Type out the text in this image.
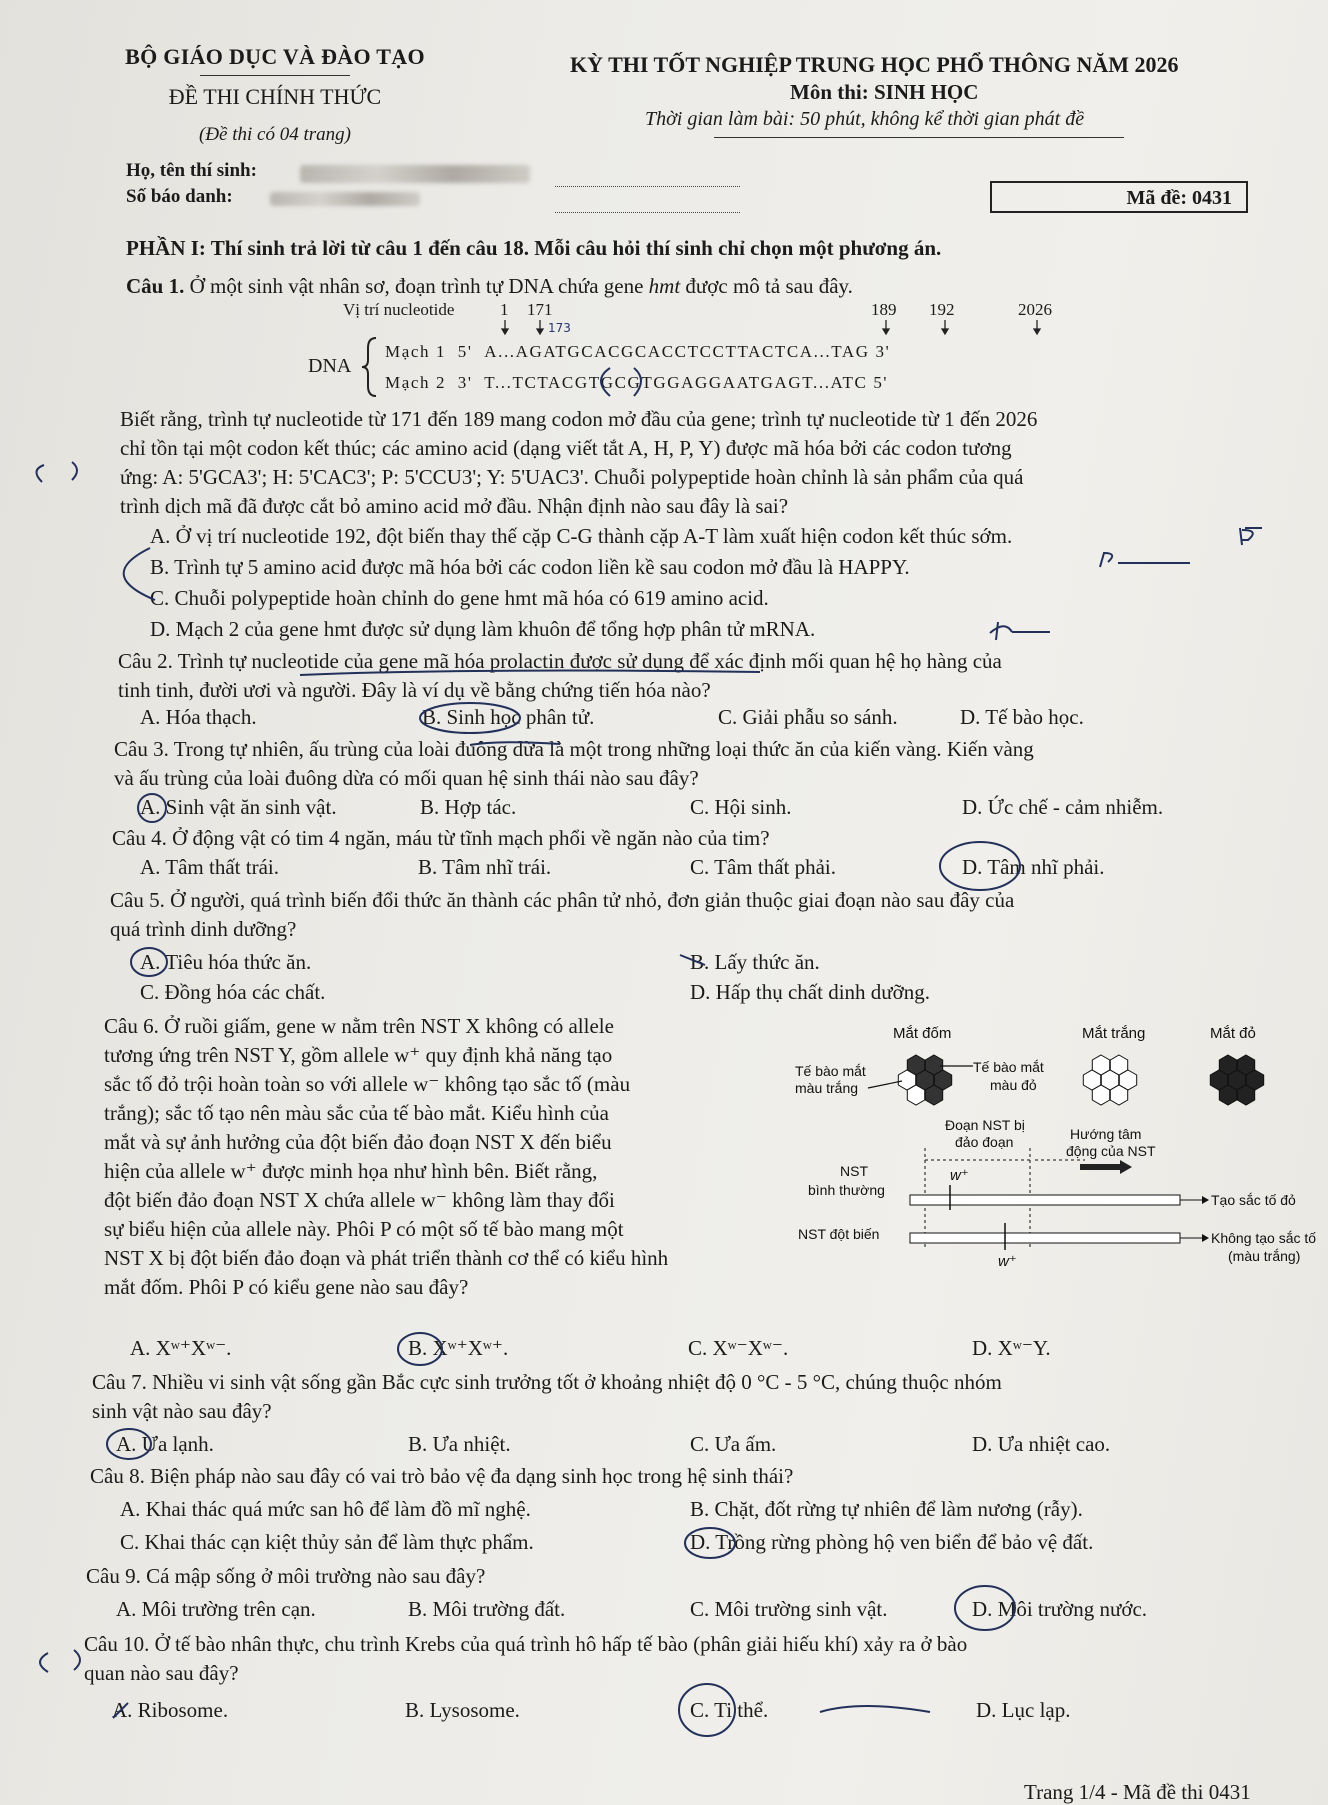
BỘ GIÁO DỤC VÀ ĐÀO TẠO
ĐỀ THI CHÍNH THỨC
(Đề thi có 04 trang)
KỲ THI TỐT NGHIỆP TRUNG HỌC PHỔ THÔNG NĂM 2026
Môn thi: SINH HỌC
Thời gian làm bài: 50 phút, không kể thời gian phát đề
Họ, tên thí sinh:
Số báo danh:	Mã đề: 0431
PHẦN I: Thí sinh trả lời từ câu 1 đến câu 18. Mỗi câu hỏi thí sinh chỉ chọn một phương án.
Câu 1. Ở một sinh vật nhân sơ, đoạn trình tự DNA chứa gene hmt được mô tả sau đây.
Vị trí nucleotide	1 171	189 192	2026
173
DNA
Mạch 1 5' A...AGATGCACGCACCTCCTTACTCA...TAG 3'
Mạch 2 3' T...TCTACGTGCGTGGAGGAATGAGT...ATC 5'
Biết rằng, trình tự nucleotide từ 171 đến 189 mang codon mở đầu của gene; trình tự nucleotide từ 1 đến 2026
chỉ tồn tại một codon kết thúc; các amino acid (dạng viết tắt A, H, P, Y) được mã hóa bởi các codon tương
ứng: A: 5'GCA3'; H: 5'CAC3'; P: 5'CCU3'; Y: 5'UAC3'. Chuỗi polypeptide hoàn chỉnh là sản phẩm của quá
trình dịch mã đã được cắt bỏ amino acid mở đầu. Nhận định nào sau đây là sai?
A. Ở vị trí nucleotide 192, đột biến thay thế cặp C-G thành cặp A-T làm xuất hiện codon kết thúc sớm.
B. Trình tự 5 amino acid được mã hóa bởi các codon liền kề sau codon mở đầu là HAPPY.
C. Chuỗi polypeptide hoàn chỉnh do gene hmt mã hóa có 619 amino acid.
D. Mạch 2 của gene hmt được sử dụng làm khuôn để tổng hợp phân tử mRNA.
Câu 2. Trình tự nucleotide của gene mã hóa prolactin được sử dụng để xác định mối quan hệ họ hàng của
tinh tinh, đười ươi và người. Đây là ví dụ về bằng chứng tiến hóa nào?
A. Hóa thạch.	B. Sinh học phân tử.	C. Giải phẫu so sánh.	D. Tế bào học.
Câu 3. Trong tự nhiên, ấu trùng của loài đuông dừa là một trong những loại thức ăn của kiến vàng. Kiến vàng
và ấu trùng của loài đuông dừa có mối quan hệ sinh thái nào sau đây?
A. Sinh vật ăn sinh vật.	B. Hợp tác.	C. Hội sinh.	D. Ức chế - cảm nhiễm.
Câu 4. Ở động vật có tim 4 ngăn, máu từ tĩnh mạch phổi về ngăn nào của tim?
A. Tâm thất trái.	B. Tâm nhĩ trái.	C. Tâm thất phải.	D. Tâm nhĩ phải.
Câu 5. Ở người, quá trình biến đổi thức ăn thành các phân tử nhỏ, đơn giản thuộc giai đoạn nào sau đây của
quá trình dinh dưỡng?
A. Tiêu hóa thức ăn.	B. Lấy thức ăn.
C. Đồng hóa các chất.	D. Hấp thụ chất dinh dưỡng.
Câu 6. Ở ruồi giấm, gene w nằm trên NST X không có allele
tương ứng trên NST Y, gồm allele w⁺ quy định khả năng tạo
sắc tố đỏ trội hoàn toàn so với allele w⁻ không tạo sắc tố (màu
trắng); sắc tố tạo nên màu sắc của tế bào mắt. Kiểu hình của
mắt và sự ảnh hưởng của đột biến đảo đoạn NST X đến biểu
hiện của allele w⁺ được minh họa như hình bên. Biết rằng,
đột biến đảo đoạn NST X chứa allele w⁻ không làm thay đổi
sự biểu hiện của allele này. Phôi P có một số tế bào mang một
NST X bị đột biến đảo đoạn và phát triển thành cơ thể có kiểu hình
mắt đốm. Phôi P có kiểu gene nào sau đây?
Mắt đốm	Mắt trắng	Mắt đỏ
Tế bào mắt
màu trắng
Tế bào mắt
màu đỏ
Đoạn NST bị
đảo đoạn	Hướng tâm
động của NST
NST
bình thường
NST đột biến
w⁺
Tạo sắc tố đỏ
w⁺
Không tạo sắc tố
(màu trắng)
A. Xʷ⁺Xʷ⁻.	B. Xʷ⁺Xʷ⁺.	C. Xʷ⁻Xʷ⁻.	D. Xʷ⁻Y.
Câu 7. Nhiều vi sinh vật sống gần Bắc cực sinh trưởng tốt ở khoảng nhiệt độ 0 °C - 5 °C, chúng thuộc nhóm
sinh vật nào sau đây?
A. Ưa lạnh.	B. Ưa nhiệt.	C. Ưa ấm.	D. Ưa nhiệt cao.
Câu 8. Biện pháp nào sau đây có vai trò bảo vệ đa dạng sinh học trong hệ sinh thái?
A. Khai thác quá mức san hô để làm đồ mĩ nghệ.	B. Chặt, đốt rừng tự nhiên để làm nương (rẫy).
C. Khai thác cạn kiệt thủy sản để làm thực phẩm.	D. Trồng rừng phòng hộ ven biển để bảo vệ đất.
Câu 9. Cá mập sống ở môi trường nào sau đây?
A. Môi trường trên cạn.	B. Môi trường đất.	C. Môi trường sinh vật.	D. Môi trường nước.
Câu 10. Ở tế bào nhân thực, chu trình Krebs của quá trình hô hấp tế bào (phân giải hiếu khí) xảy ra ở bào
quan nào sau đây?
A. Ribosome.	B. Lysosome.	C. Ti thể.	D. Lục lạp.
Trang 1/4 - Mã đề thi 0431
